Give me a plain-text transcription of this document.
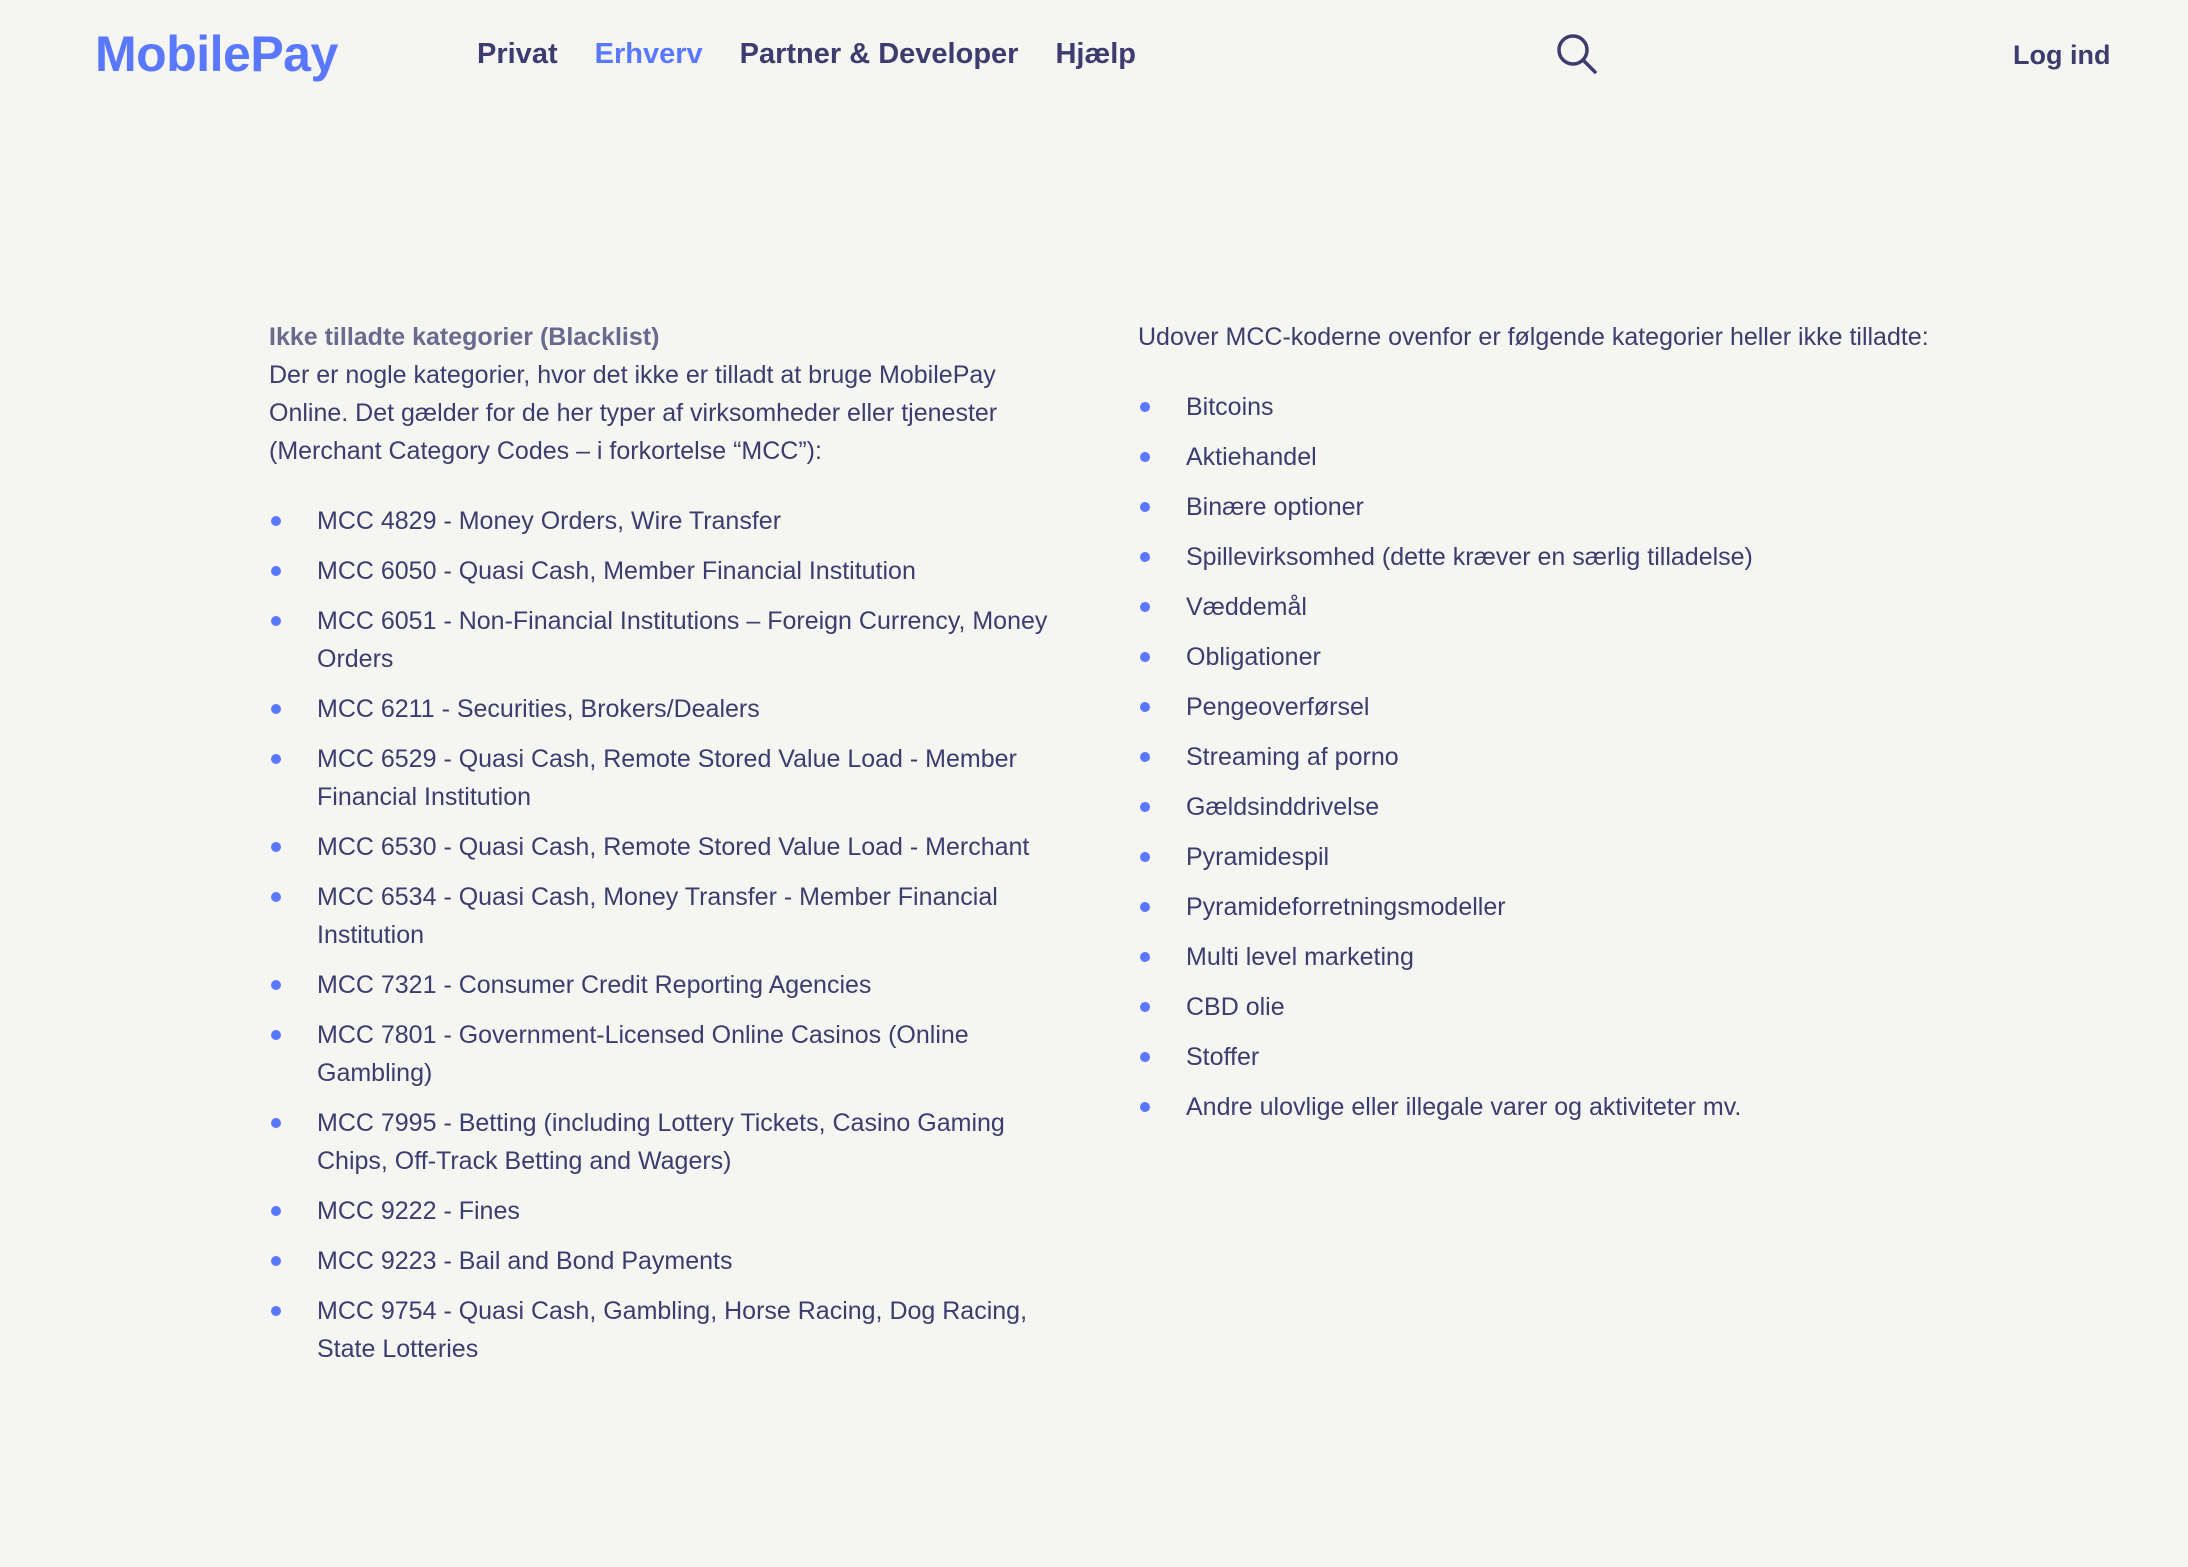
MobilePay	Privat Erhverv Partner & Developer Hjælp	Log ind
Ikke tilladte kategorier (Blacklist)

Der er nogle kategorier, hvor det ikke er tilladt at bruge MobilePay Online. Det gælder for de her typer af virksomheder eller tjenester (Merchant Category Codes – i forkortelse “MCC”):

MCC 4829 - Money Orders, Wire Transfer
MCC 6050 - Quasi Cash, Member Financial Institution
MCC 6051 - Non-Financial Institutions – Foreign Currency, Money Orders
MCC 6211 - Securities, Brokers/Dealers
MCC 6529 - Quasi Cash, Remote Stored Value Load - Member Financial Institution
MCC 6530 - Quasi Cash, Remote Stored Value Load - Merchant
MCC 6534 - Quasi Cash, Money Transfer - Member Financial Institution
MCC 7321 - Consumer Credit Reporting Agencies
MCC 7801 - Government-Licensed Online Casinos (Online Gambling)
MCC 7995 - Betting (including Lottery Tickets, Casino Gaming Chips, Off-Track Betting and Wagers)
MCC 9222 - Fines
MCC 9223 - Bail and Bond Payments
MCC 9754 - Quasi Cash, Gambling, Horse Racing, Dog Racing, State Lotteries

Udover MCC-koderne ovenfor er følgende kategorier heller ikke tilladte:

Bitcoins
Aktiehandel
Binære optioner
Spillevirksomhed (dette kræver en særlig tilladelse)
Væddemål
Obligationer
Pengeoverførsel
Streaming af porno
Gældsinddrivelse
Pyramidespil
Pyramideforretningsmodeller
Multi level marketing
CBD olie
Stoffer
Andre ulovlige eller illegale varer og aktiviteter mv.
